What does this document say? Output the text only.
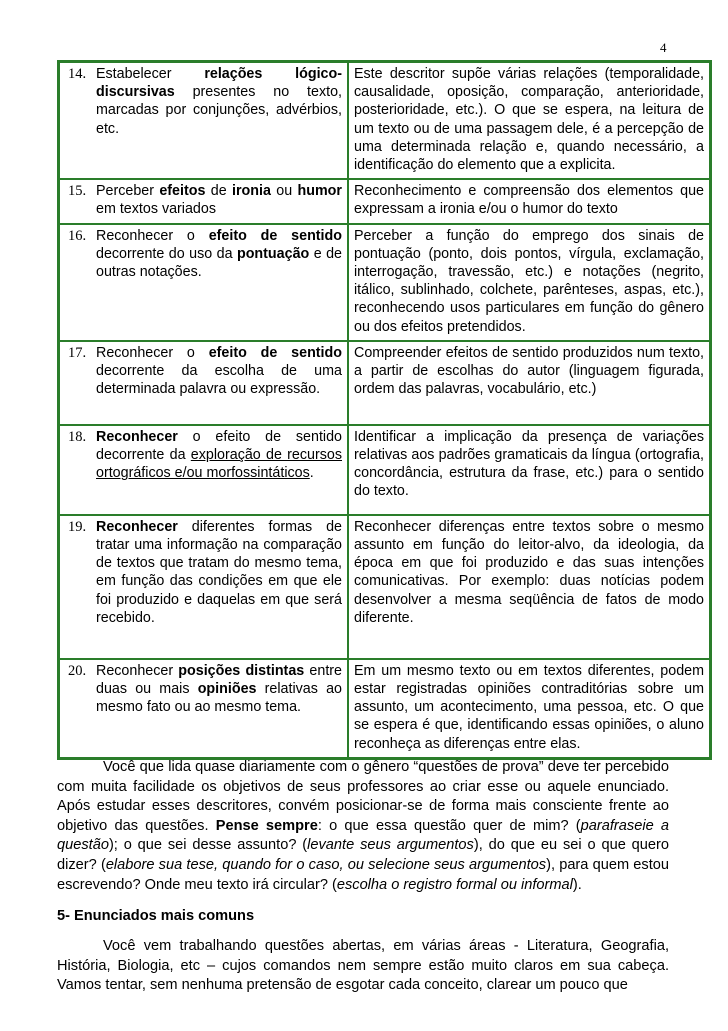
4
14. Estabelecer relações lógico-discursivas presentes no texto, marcadas por conjunções, advérbios, etc.	Este descritor supõe várias relações (temporalidade, causalidade, oposição, comparação, anterioridade, posterioridade, etc.). O que se espera, na leitura de um texto ou de uma passagem dele, é a percepção de uma determinada relação e, quando necessário, a identificação do elemento que a explicita.

15. Perceber efeitos de ironia ou humor em textos variados	Reconhecimento e compreensão dos elementos que expressam a ironia e/ou o humor do texto

16. Reconhecer o efeito de sentido decorrente do uso da pontuação e de outras notações.	Perceber a função do emprego dos sinais de pontuação (ponto, dois pontos, vírgula, exclamação, interrogação, travessão, etc.) e notações (negrito, itálico, sublinhado, colchete, parênteses, aspas, etc.), reconhecendo usos particulares em função do gênero ou dos efeitos pretendidos.

17. Reconhecer o efeito de sentido decorrente da escolha de uma determinada palavra ou expressão.	Compreender efeitos de sentido produzidos num texto, a partir de escolhas do autor (linguagem figurada, ordem das palavras, vocabulário, etc.)

18. Reconhecer o efeito de sentido decorrente da exploração de recursos ortográficos e/ou morfossintáticos.	Identificar a implicação da presença de variações relativas aos padrões gramaticais da língua (ortografia, concordância, estrutura da frase, etc.) para o sentido do texto.

19. Reconhecer diferentes formas de tratar uma informação na comparação de textos que tratam do mesmo tema, em função das condições em que ele foi produzido e daquelas em que será recebido.	Reconhecer diferenças entre textos sobre o mesmo assunto em função do leitor-alvo, da ideologia, da época em que foi produzido e das suas intenções comunicativas. Por exemplo: duas notícias podem desenvolver a mesma seqüência de fatos de modo diferente.

20. Reconhecer posições distintas entre duas ou mais opiniões relativas ao mesmo fato ou ao mesmo tema.	Em um mesmo texto ou em textos diferentes, podem estar registradas opiniões contraditórias sobre um assunto, um acontecimento, uma pessoa, etc. O que se espera é que, identificando essas opiniões, o aluno reconheça as diferenças entre elas.
Você que lida quase diariamente com o gênero “questões de prova” deve ter percebido com muita facilidade os objetivos de seus professores ao criar esse ou aquele enunciado. Após estudar esses descritores, convém posicionar-se de forma mais consciente frente ao objetivo das questões. Pense sempre: o que essa questão quer de mim? (parafraseie a questão); o que sei desse assunto? (levante seus argumentos), do que eu sei o que quero dizer? (elabore sua tese, quando for o caso, ou selecione seus argumentos), para quem estou escrevendo? Onde meu texto irá circular? (escolha o registro formal ou informal).
5- Enunciados mais comuns
Você vem trabalhando questões abertas, em várias áreas - Literatura, Geografia, História, Biologia, etc – cujos comandos nem sempre estão muito claros em sua cabeça. Vamos tentar, sem nenhuma pretensão de esgotar cada conceito, clarear um pouco que
